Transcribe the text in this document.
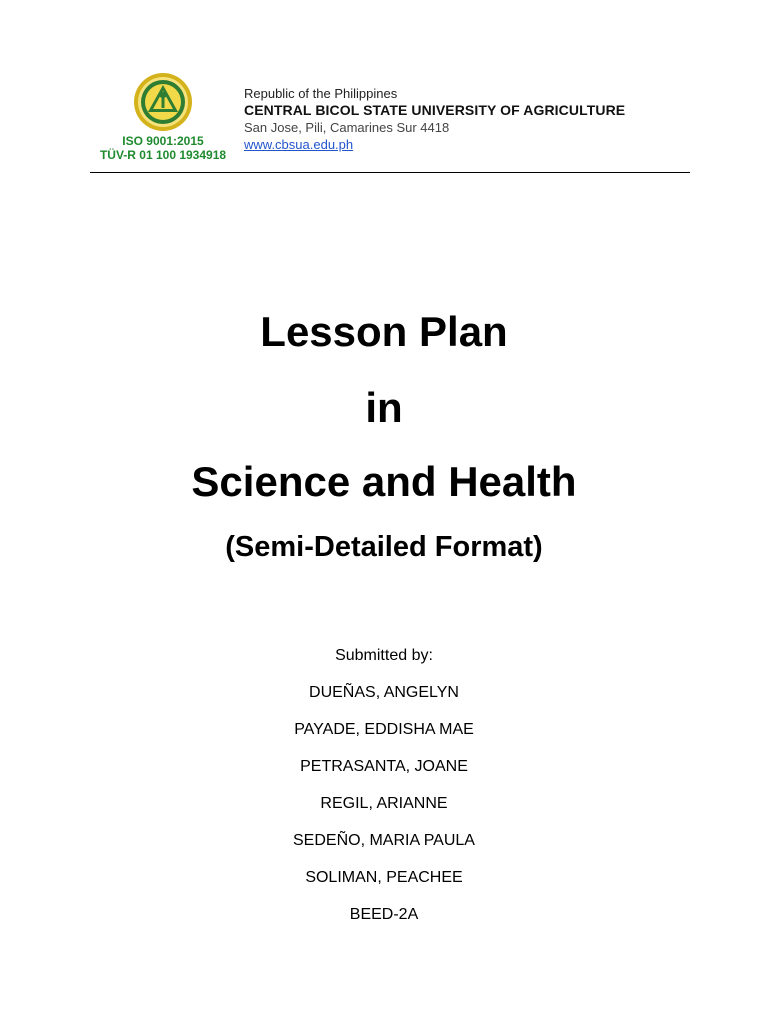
ISO 9001:2015
TÜV-R 01 100 1934918
Republic of the Philippines
CENTRAL BICOL STATE UNIVERSITY OF AGRICULTURE
San Jose, Pili, Camarines Sur 4418
www.cbsua.edu.ph
Lesson Plan
in
Science and Health
(Semi-Detailed Format)
Submitted by:
DUEÑAS, ANGELYN
PAYADE, EDDISHA MAE
PETRASANTA, JOANE
REGIL, ARIANNE
SEDEÑO, MARIA PAULA
SOLIMAN, PEACHEE
BEED-2A
